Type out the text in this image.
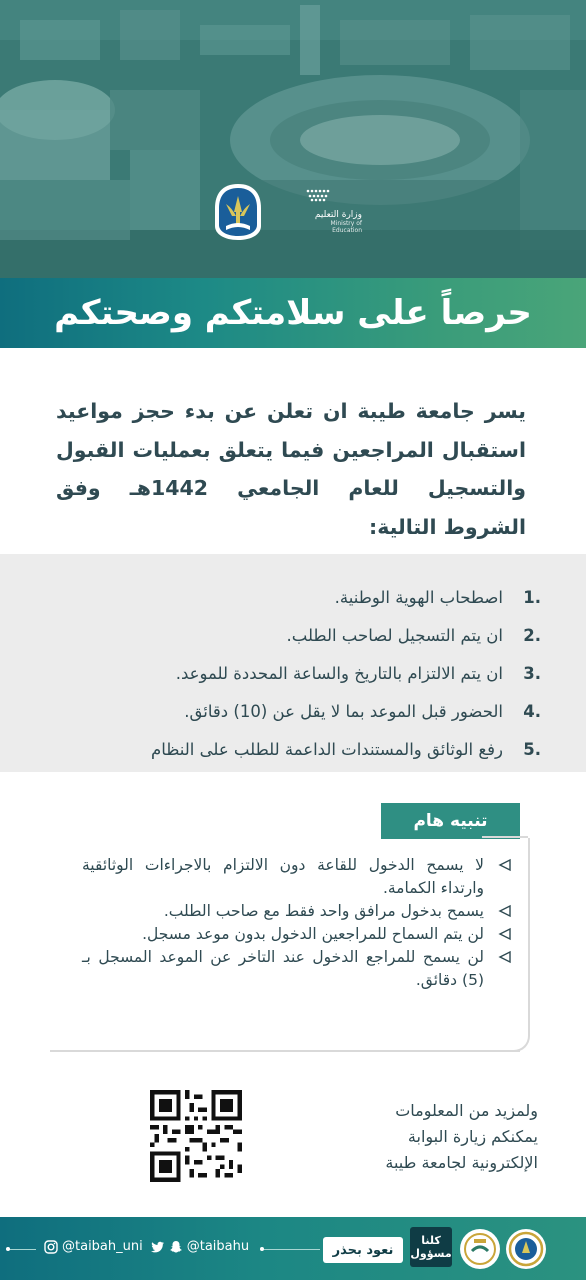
وزارة التعليم
Ministry of Education
حرصاً على سلامتكم وصحتكم
يسر جامعة طيبة ان تعلن عن بدء حجز مواعيد استقبال المراجعين فيما يتعلق بعمليات القبول والتسجيل للعام الجامعي 1442هـ وفق الشروط التالية:
.1
اصطحاب الهوية الوطنية.
.2
ان يتم التسجيل لصاحب الطلب.
.3
ان يتم الالتزام بالتاريخ والساعة المحددة للموعد.
.4
الحضور قبل الموعد بما لا يقل عن (10) دقائق.
.5
رفع الوثائق والمستندات الداعمة للطلب على النظام
تنبيه هام
لا يسمح الدخول للقاعة دون الالتزام بالاجراءات الوثائقية وارتداء الكمامة.
يسمح بدخول مرافق واحد فقط مع صاحب الطلب.
لن يتم السماح للمراجعين الدخول بدون موعد مسجل.
لن يسمح للمراجع الدخول عند التاخر عن الموعد المسجل بـ (5) دقائق.
ولمزيد من المعلومات
يمكنكم زيارة البوابة
الإلكترونية لجامعة طيبة
@taibah_uni	@taibahu	نعود بحذر
كلنا
مسؤول
